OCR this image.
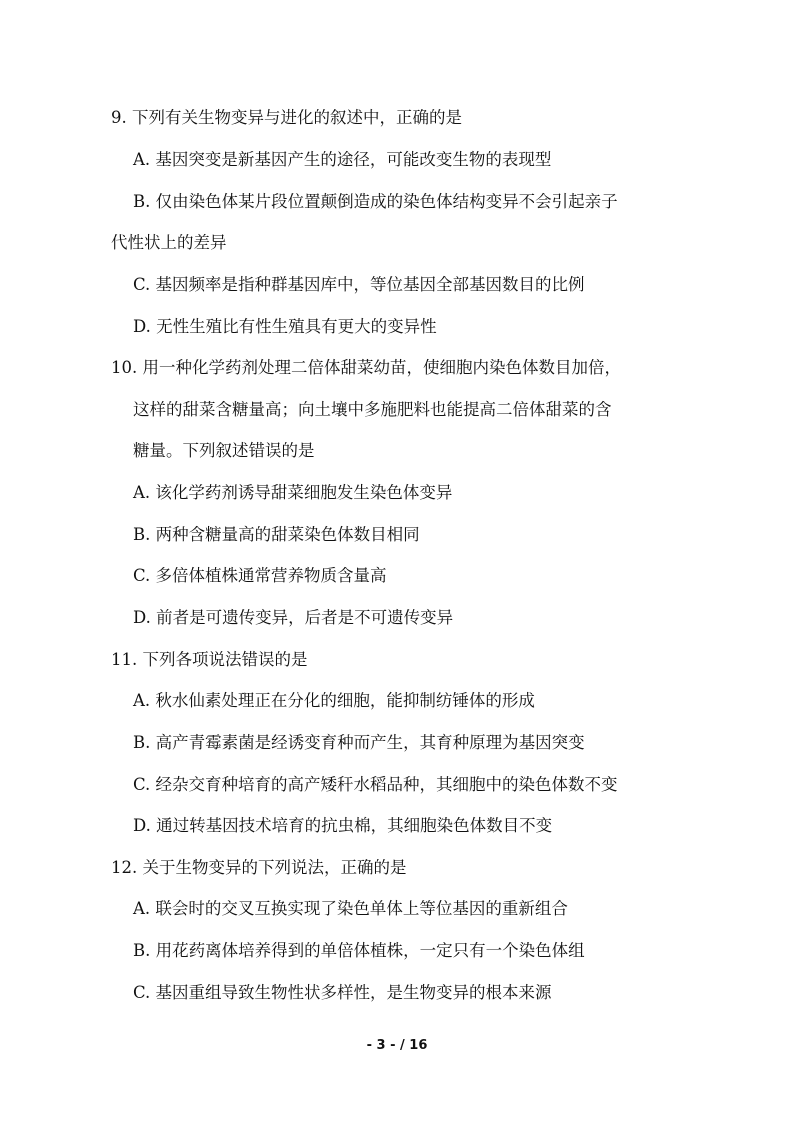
9. 下列有关生物变异与进化的叙述中，正确的是
A. 基因突变是新基因产生的途径，可能改变生物的表现型
B. 仅由染色体某片段位置颠倒造成的染色体结构变异不会引起亲子
代性状上的差异
C. 基因频率是指种群基因库中，等位基因全部基因数目的比例
D. 无性生殖比有性生殖具有更大的变异性
10. 用一种化学药剂处理二倍体甜菜幼苗，使细胞内染色体数目加倍，
这样的甜菜含糖量高；向土壤中多施肥料也能提高二倍体甜菜的含
糖量。下列叙述错误的是
A. 该化学药剂诱导甜菜细胞发生染色体变异
B. 两种含糖量高的甜菜染色体数目相同
C. 多倍体植株通常营养物质含量高
D. 前者是可遗传变异，后者是不可遗传变异
11. 下列各项说法错误的是
A. 秋水仙素处理正在分化的细胞，能抑制纺锤体的形成
B. 高产青霉素菌是经诱变育种而产生，其育种原理为基因突变
C. 经杂交育种培育的高产矮秆水稻品种，其细胞中的染色体数不变
D. 通过转基因技术培育的抗虫棉，其细胞染色体数目不变
12. 关于生物变异的下列说法，正确的是
A. 联会时的交叉互换实现了染色单体上等位基因的重新组合
B. 用花药离体培养得到的单倍体植株，一定只有一个染色体组
C. 基因重组导致生物性状多样性，是生物变异的根本来源
- 3 - / 16
